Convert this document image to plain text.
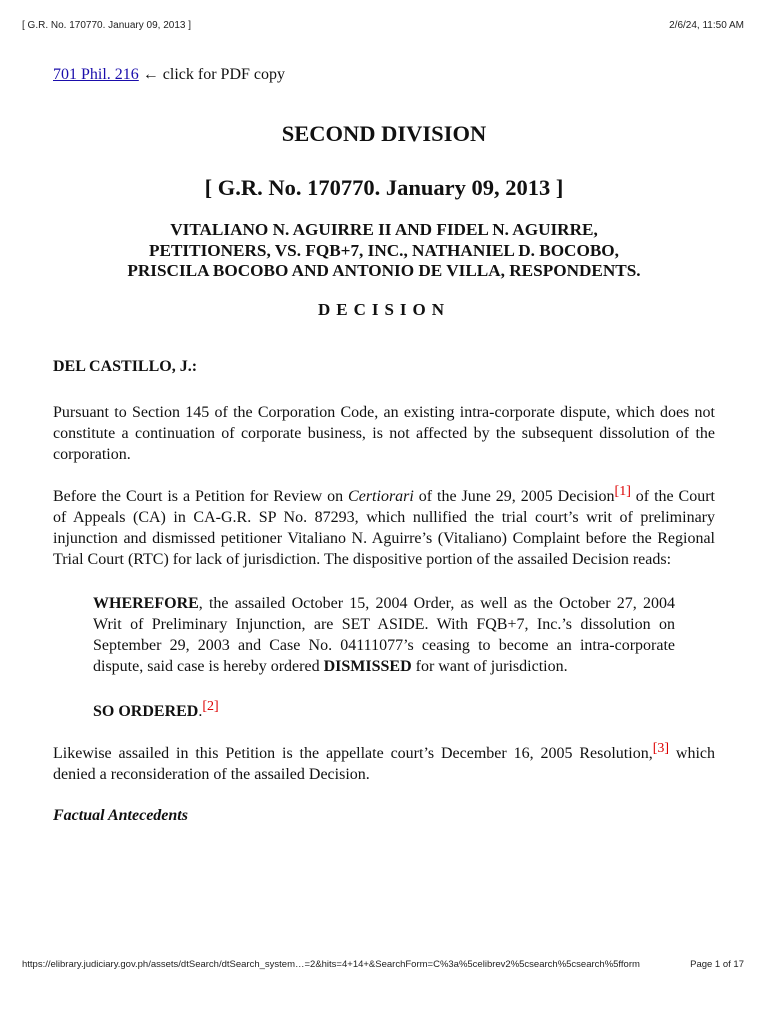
[ G.R. No. 170770. January 09, 2013 ]	2/6/24, 11:50 AM

701 Phil. 216 ← click for PDF copy

SECOND DIVISION
[ G.R. No. 170770. January 09, 2013 ]
VITALIANO N. AGUIRRE II AND FIDEL N. AGUIRRE,
PETITIONERS, VS. FQB+7, INC., NATHANIEL D. BOCOBO,
PRISCILA BOCOBO AND ANTONIO DE VILLA, RESPONDENTS.
DECISION
DEL CASTILLO, J.:

Pursuant to Section 145 of the Corporation Code, an existing intra-corporate dispute, which does not constitute a continuation of corporate business, is not affected by the subsequent dissolution of the corporation.

Before the Court is a Petition for Review on Certiorari of the June 29, 2005 Decision[1] of the Court of Appeals (CA) in CA-G.R. SP No. 87293, which nullified the trial court’s writ of preliminary injunction and dismissed petitioner Vitaliano N. Aguirre’s (Vitaliano) Complaint before the Regional Trial Court (RTC) for lack of jurisdiction. The dispositive portion of the assailed Decision reads:

WHEREFORE, the assailed October 15, 2004 Order, as well as the October 27, 2004 Writ of Preliminary Injunction, are SET ASIDE. With FQB+7, Inc.’s dissolution on September 29, 2003 and Case No. 04111077’s ceasing to become an intra-corporate dispute, said case is hereby ordered DISMISSED for want of jurisdiction.

SO ORDERED.[2]

Likewise assailed in this Petition is the appellate court’s December 16, 2005 Resolution,[3] which denied a reconsideration of the assailed Decision.

Factual Antecedents
https://elibrary.judiciary.gov.ph/assets/dtSearch/dtSearch_system…=2&hits=4+14+&SearchForm=C%3a%5celibrev2%5csearch%5csearch%5fform	Page 1 of 17
